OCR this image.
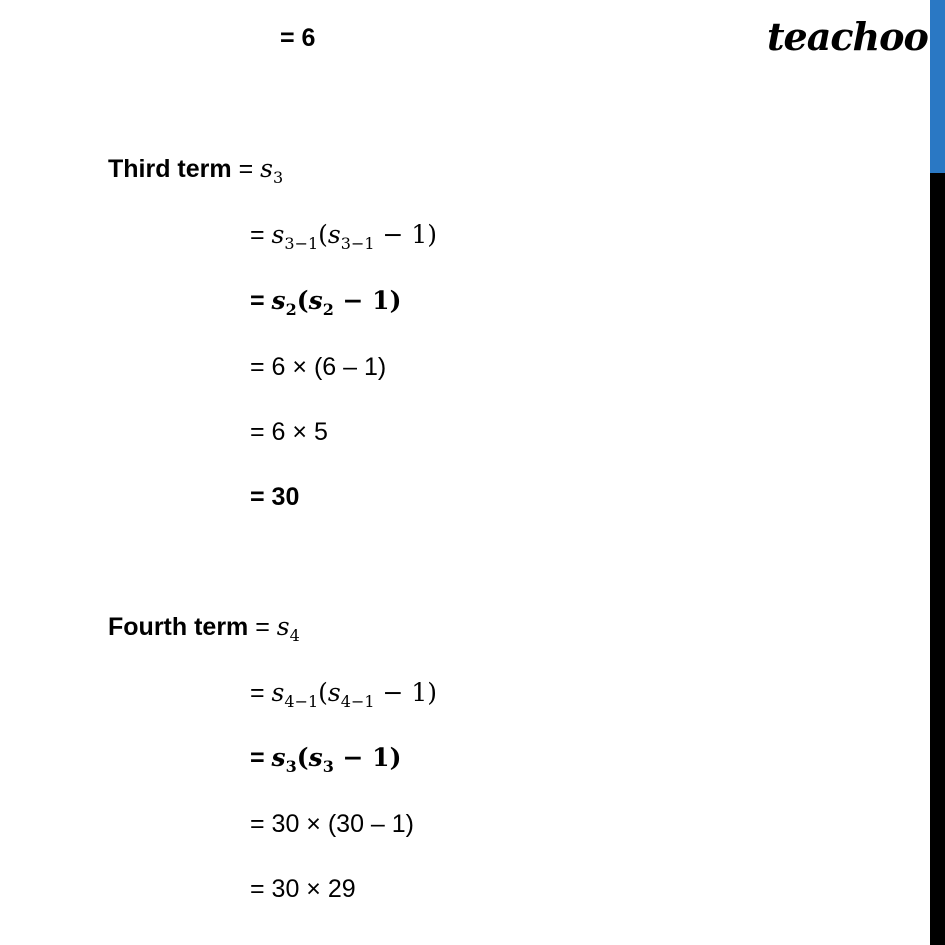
teachoo
= 6
Third term = $s_3$
= $s_{3-1}(s_{3-1} - 1)$
= $s_2(s_2 - 1)$
= 6 × (6 – 1)
= 6 × 5
= 30
Fourth term = $s_4$
= $s_{4-1}(s_{4-1} - 1)$
= $s_3(s_3 - 1)$
= 30 × (30 – 1)
= 30 × 29
